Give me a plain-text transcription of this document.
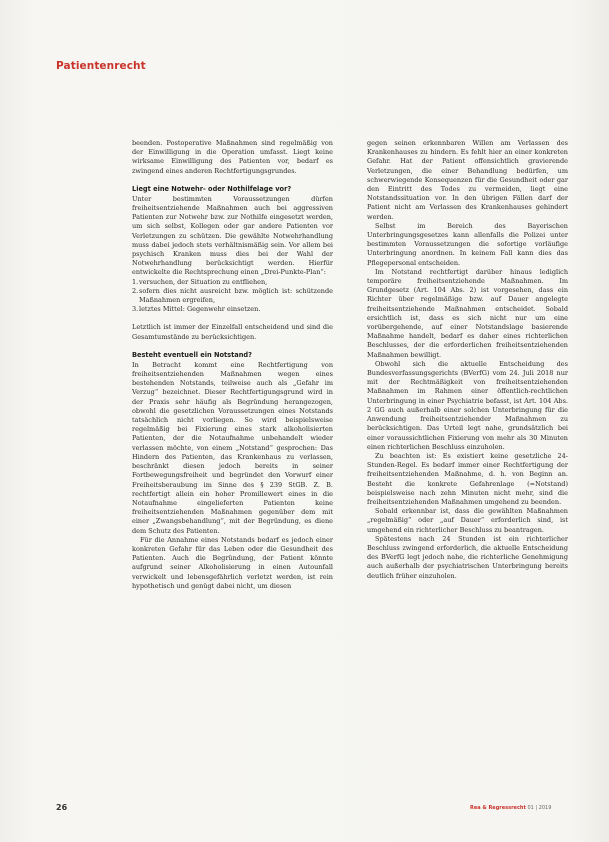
Patientenrecht

beenden. Postoperative Maßnahmen sind regelmäßig von der Einwilligung in die Operation umfasst. Liegt keine wirksame Einwilligung des Patienten vor, bedarf es zwingend eines anderen Rechtfertigungsgrundes.

Liegt eine Notwehr- oder Nothilfelage vor?

Unter bestimmten Voraussetzungen dürfen freiheitsentziehende Maßnahmen auch bei aggressiven Patienten zur Notwehr bzw. zur Nothilfe eingesetzt werden, um sich selbst, Kollegen oder gar andere Patienten vor Verletzungen zu schützen. Die gewählte Notwehrhandlung muss dabei jedoch stets verhältnismäßig sein. Vor allem bei psychisch Kranken muss dies bei der Wahl der Notwehrhandlung berücksichtigt werden. Hierfür entwickelte die Rechtsprechung einen „Drei-Punkte-Plan“:

1. versuchen, der Situation zu entfliehen,
2. sofern dies nicht ausreicht bzw. möglich ist: schützende Maßnahmen ergreifen,
3. letztes Mittel: Gegenwehr einsetzen.

Letztlich ist immer der Einzelfall entscheidend und sind die Gesamtumstände zu berücksichtigen.

Besteht eventuell ein Notstand?

In Betracht kommt eine Rechtfertigung von freiheitsentziehenden Maßnahmen wegen eines bestehenden Notstands, teilweise auch als „Gefahr im Verzug“ bezeichnet. Dieser Rechtfertigungsgrund wird in der Praxis sehr häufig als Begründung herangezogen, obwohl die gesetzlichen Voraussetzungen eines Notstands tatsächlich nicht vorliegen. So wird beispielsweise regelmäßig bei Fixierung eines stark alkoholisierten Patienten, der die Notaufnahme unbehandelt wieder verlassen möchte, von einem „Notstand“ gesprochen: Das Hindern des Patienten, das Krankenhaus zu verlassen, beschränkt diesen jedoch bereits in seiner Fortbewegungsfreiheit und begründet den Vorwurf einer Freiheitsberaubung im Sinne des § 239 StGB. Z. B. rechtfertigt allein ein hoher Promillewert eines in die Notaufnahme eingelieferten Patienten keine freiheitsentziehenden Maßnahmen gegenüber dem mit einer „Zwangsbehandlung“, mit der Begründung, es diene dem Schutz des Patienten.

Für die Annahme eines Notstands bedarf es jedoch einer konkreten Gefahr für das Leben oder die Gesundheit des Patienten. Auch die Begründung, der Patient könnte aufgrund seiner Alkoholisierung in einen Autounfall verwickelt und lebensgefährlich verletzt werden, ist rein hypothetisch und genügt dabei nicht, um diesen

gegen seinen erkennbaren Willen am Verlassen des Krankenhauses zu hindern. Es fehlt hier an einer konkreten Gefahr. Hat der Patient offensichtlich gravierende Verletzungen, die einer Behandlung bedürfen, um schwerwiegende Konsequenzen für die Gesundheit oder gar den Eintritt des Todes zu vermeiden, liegt eine Notstandssituation vor. In den übrigen Fällen darf der Patient nicht am Verlassen des Krankenhauses gehindert werden.

Selbst im Bereich des Bayerischen Unterbringungsgesetzes kann allenfalls die Polizei unter bestimmten Voraussetzungen die sofortige vorläufige Unterbringung anordnen. In keinem Fall kann dies das Pflegepersonal entscheiden.

Im Notstand rechtfertigt darüber hinaus lediglich temporäre freiheitsentziehende Maßnahmen. Im Grundgesetz (Art. 104 Abs. 2) ist vorgesehen, dass ein Richter über regelmäßige bzw. auf Dauer angelegte freiheitsentziehende Maßnahmen entscheidet. Sobald ersichtlich ist, dass es sich nicht nur um eine vorübergehende, auf einer Notstandslage basierende Maßnahme handelt, bedarf es daher eines richterlichen Beschlusses, der die erforderlichen freiheitsentziehenden Maßnahmen bewilligt.

Obwohl sich die aktuelle Entscheidung des Bundesverfassungsgerichts (BVerfG) vom 24. Juli 2018 nur mit der Rechtmäßigkeit von freiheitsentziehenden Maßnahmen im Rahmen einer öffentlich-rechtlichen Unterbringung in einer Psychiatrie befasst, ist Art. 104 Abs. 2 GG auch außerhalb einer solchen Unterbringung für die Anwendung freiheitsentziehender Maßnahmen zu berücksichtigen. Das Urteil legt nahe, grundsätzlich bei einer voraussichtlichen Fixierung von mehr als 30 Minuten einen richterlichen Beschluss einzuholen.

Zu beachten ist: Es existiert keine gesetzliche 24-Stunden-Regel. Es bedarf immer einer Rechtfertigung der freiheitsentziehenden Maßnahme, d. h. von Beginn an. Besteht die konkrete Gefahrenlage (=Notstand) beispielsweise nach zehn Minuten nicht mehr, sind die freiheitsentziehenden Maßnahmen umgehend zu beenden.

Sobald erkennbar ist, dass die gewählten Maßnahmen „regelmäßig“ oder „auf Dauer“ erforderlich sind, ist umgehend ein richterlicher Beschluss zu beantragen.

Spätestens nach 24 Stunden ist ein richterlicher Beschluss zwingend erforderlich, die aktuelle Entscheidung des BVerfG legt jedoch nahe, die richterliche Genehmigung auch außerhalb der psychiatrischen Unterbringung bereits deutlich früher einzuholen.

26	Rea & Regressrecht 01 | 2019
